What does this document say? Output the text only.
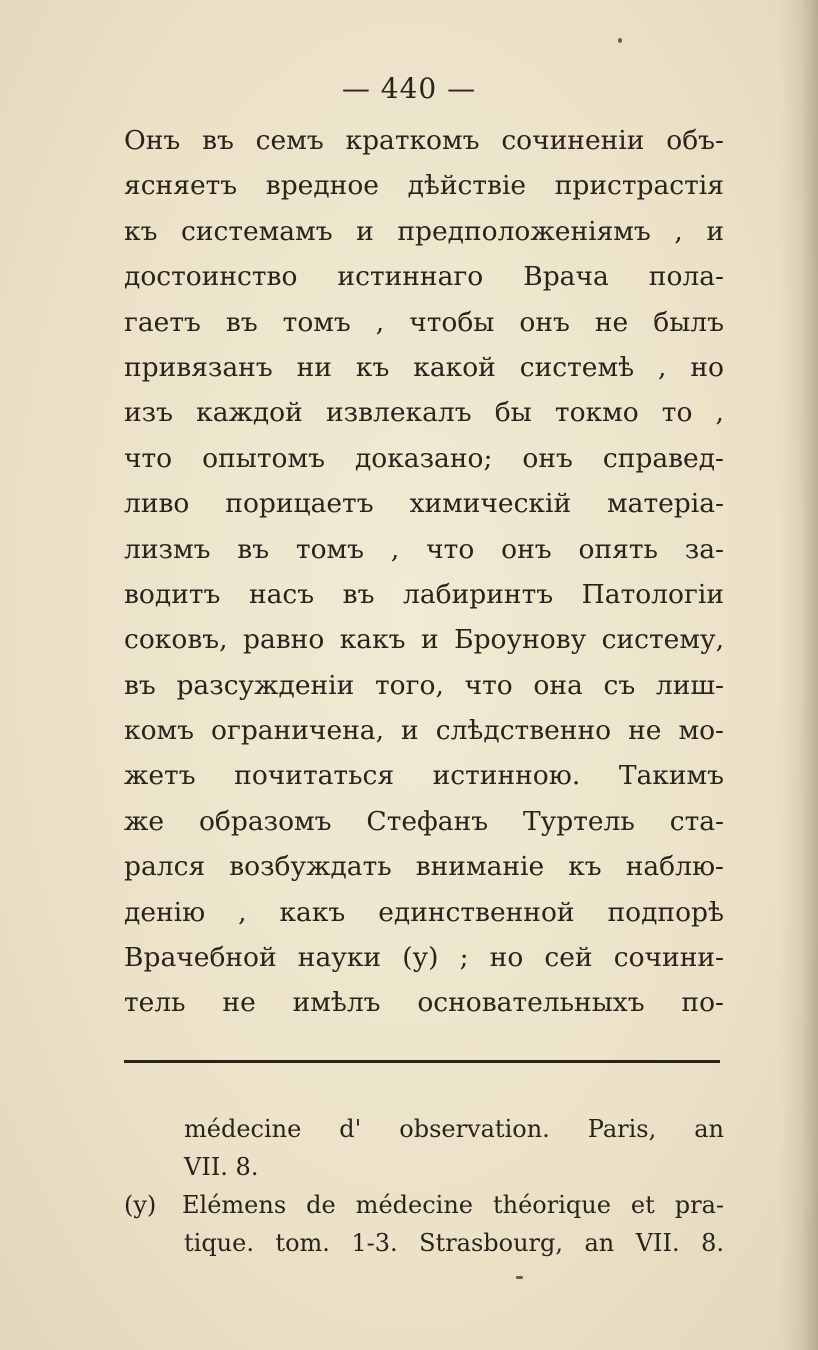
— 440 —
Онъ въ семъ краткомъ сочиненіи объ-
ясняетъ вредное дѣйствіе пристрастія
къ системамъ и предположеніямъ , и
достоинство истиннаго Врача пола-
гаетъ въ томъ , чтобы онъ не былъ
привязанъ ни къ какой системѣ , но
изъ каждой извлекалъ бы токмо то ,
что опытомъ доказано; онъ справед-
ливо порицаетъ химическій матеріа-
лизмъ въ томъ , что онъ опять за-
водитъ насъ въ лабиринтъ Патологіи
соковъ, равно какъ и Броунову систему,
въ разсужденіи того, что она съ лиш-
комъ ограничена, и слѣдственно не мо-
жетъ почитаться истинною. Такимъ
же образомъ Стефанъ Туртель ста-
рался возбуждать вниманіе къ наблю-
денію , какъ единственной подпорѣ
Врачебной науки (у) ; но сей сочини-
тель не имѣлъ основательныхъ по-
médecine d' observation. Paris, an
VII. 8.
(y) Elémens de médecine théorique et pra-
tique. tom. 1-3. Strasbourg, an VII. 8.
